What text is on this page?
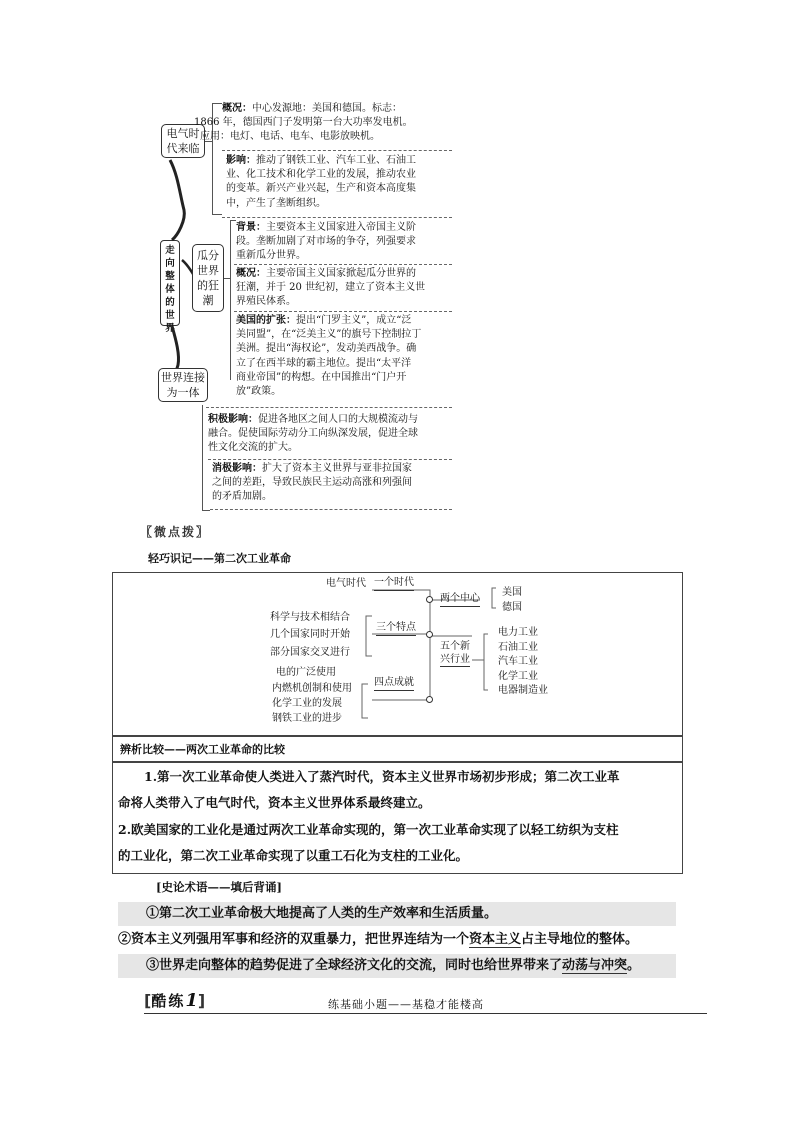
走向整体的世界
电气时
代来临
瓜分
世界
的狂
潮
世界连接
为一体
概况：中心发源地：美国和德国。标志：
1866 年，德国西门子发明第一台大功率发电机。
应用：电灯、电话、电车、电影放映机。
影响：推动了钢铁工业、汽车工业、石油工
业、化工技术和化学工业的发展，推动农业
的变革。新兴产业兴起，生产和资本高度集
中，产生了垄断组织。
背景：主要资本主义国家进入帝国主义阶
段。垄断加剧了对市场的争夺，列强要求
重新瓜分世界。
概况：主要帝国主义国家掀起瓜分世界的
狂潮，并于 20 世纪初，建立了资本主义世
界殖民体系。
美国的扩张：提出“门罗主义”，成立“泛
美同盟”，在“泛美主义”的旗号下控制拉丁
美洲。提出“海权论”，发动美西战争。确
立了在西半球的霸主地位。提出“太平洋
商业帝国”的构想。在中国推出“门户开
放”政策。
积极影响：促进各地区之间人口的大规模流动与
融合。促使国际劳动分工向纵深发展，促进全球
性文化交流的扩大。
消极影响：扩大了资本主义世界与亚非拉国家
之间的差距，导致民族民主运动高涨和列强间
的矛盾加剧。
〖微点拨〗
轻巧识记——第二次工业革命
电气时代 一个时代
两个中心
美国
德国
科学与技术相结合
几个国家同时开始
部分国家交叉进行
三个特点
五个新
兴行业
电力工业
石油工业
汽车工业
化学工业
电器制造业
电的广泛使用
内燃机创制和使用
化学工业的发展
钢铁工业的进步
四点成就
辨析比较——两次工业革命的比较
1.第一次工业革命使人类进入了蒸汽时代，资本主义世界市场初步形成；第二次工业革
命将人类带入了电气时代，资本主义世界体系最终建立。
2.欧美国家的工业化是通过两次工业革命实现的，第一次工业革命实现了以轻工纺织为支柱
的工业化，第二次工业革命实现了以重工石化为支柱的工业化。
[史论术语——填后背诵]
①第二次工业革命极大地提高了人类的生产效率和生活质量。
②资本主义列强用军事和经济的双重暴力，把世界连结为一个资本主义占主导地位的整体。
③世界走向整体的趋势促进了全球经济文化的交流，同时也给世界带来了动荡与冲突。
[酷练1]	练基础小题——基稳才能楼高
